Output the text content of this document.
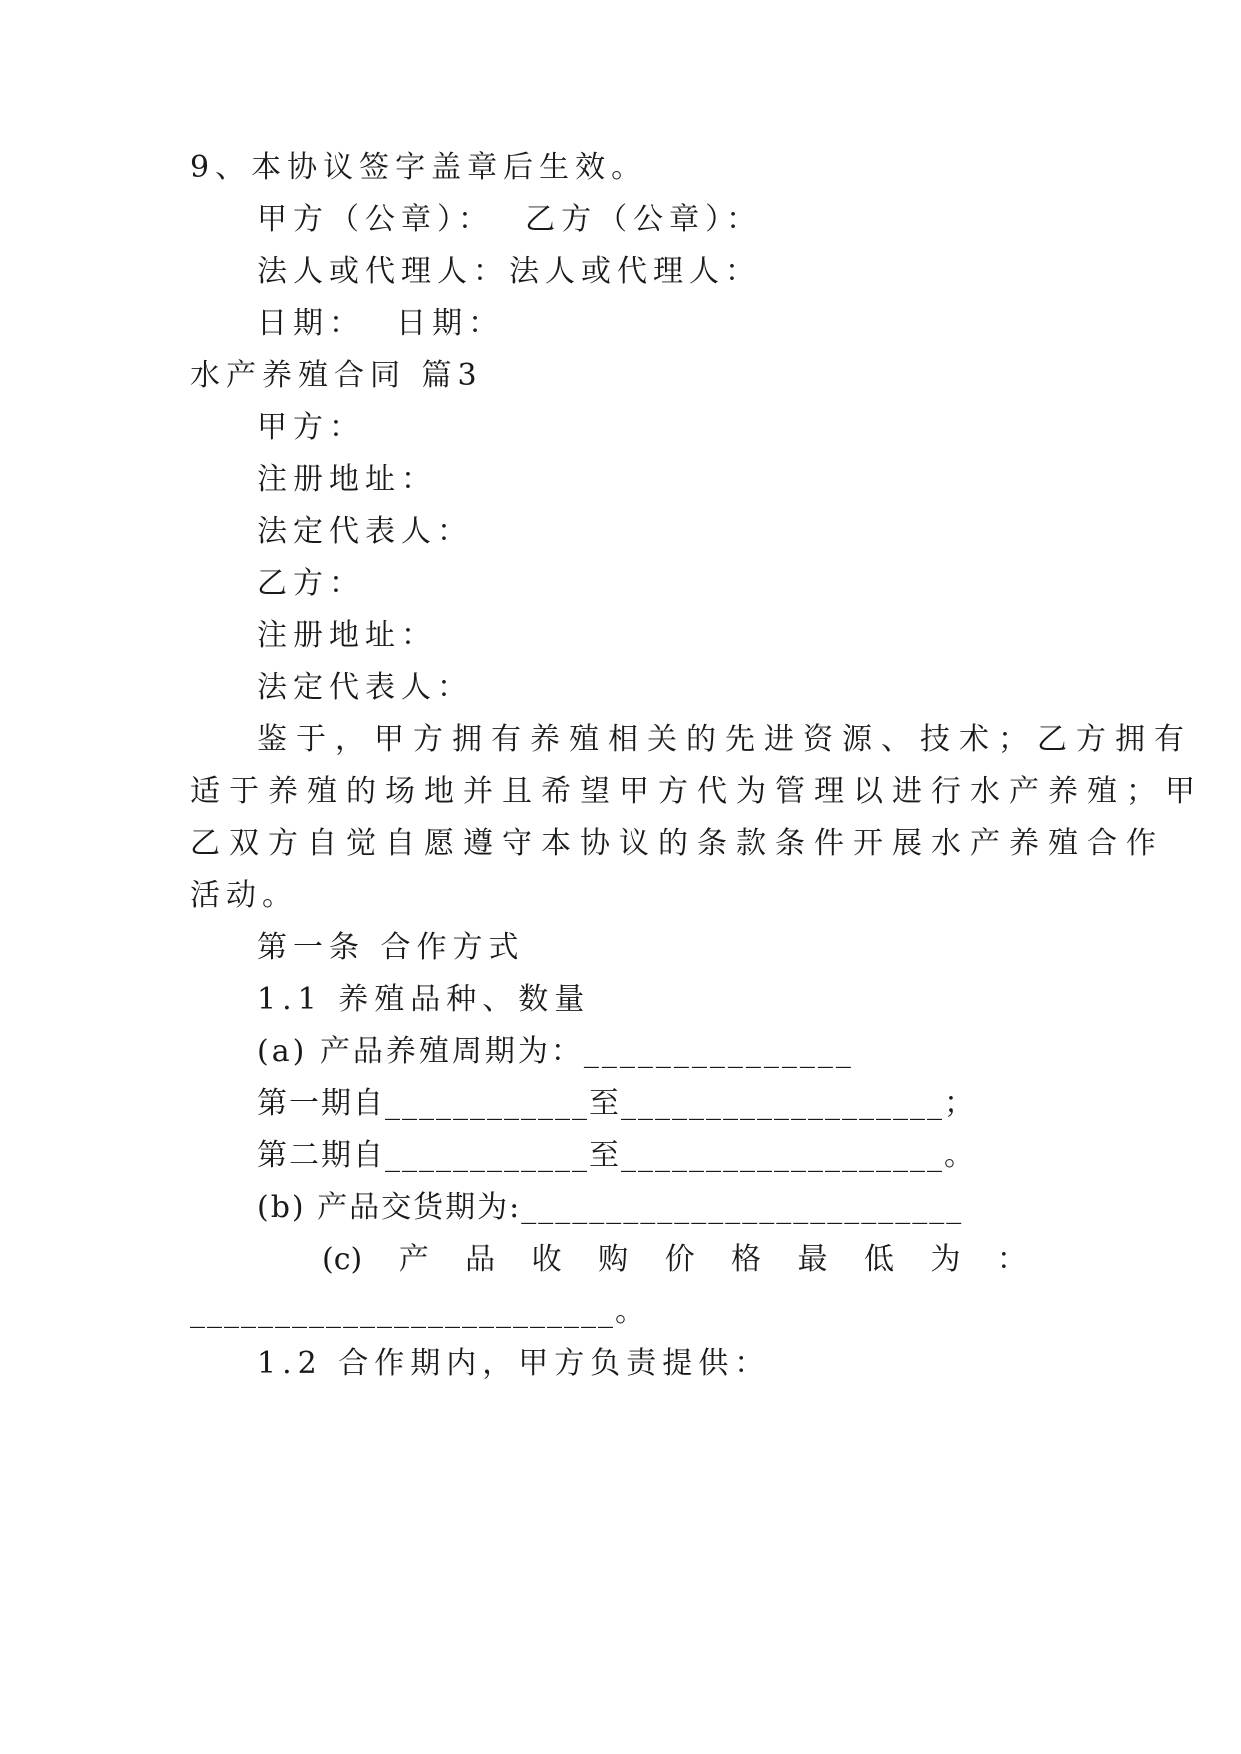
9、本协议签字盖章后生效。
甲方（公章）：  乙方（公章）：
法人或代理人：法人或代理人：
日期：  日期：
水产养殖合同 篇3
甲方：
注册地址：
法定代表人：
乙方：
注册地址：
法定代表人：
鉴于，甲方拥有养殖相关的先进资源、技术；乙方拥有
适于养殖的场地并且希望甲方代为管理以进行水产养殖；甲
乙双方自觉自愿遵守本协议的条款条件开展水产养殖合作
活动。
第一条 合作方式
1.1 养殖品种、数量
(a) 产品养殖周期为：_______________
第一期自____________至___________________；
第二期自____________至___________________。
(b) 产品交货期为:__________________________
(c) 产 品 收 购 价 格 最 低 为 ：
_________________________。
1.2 合作期内，甲方负责提供：
